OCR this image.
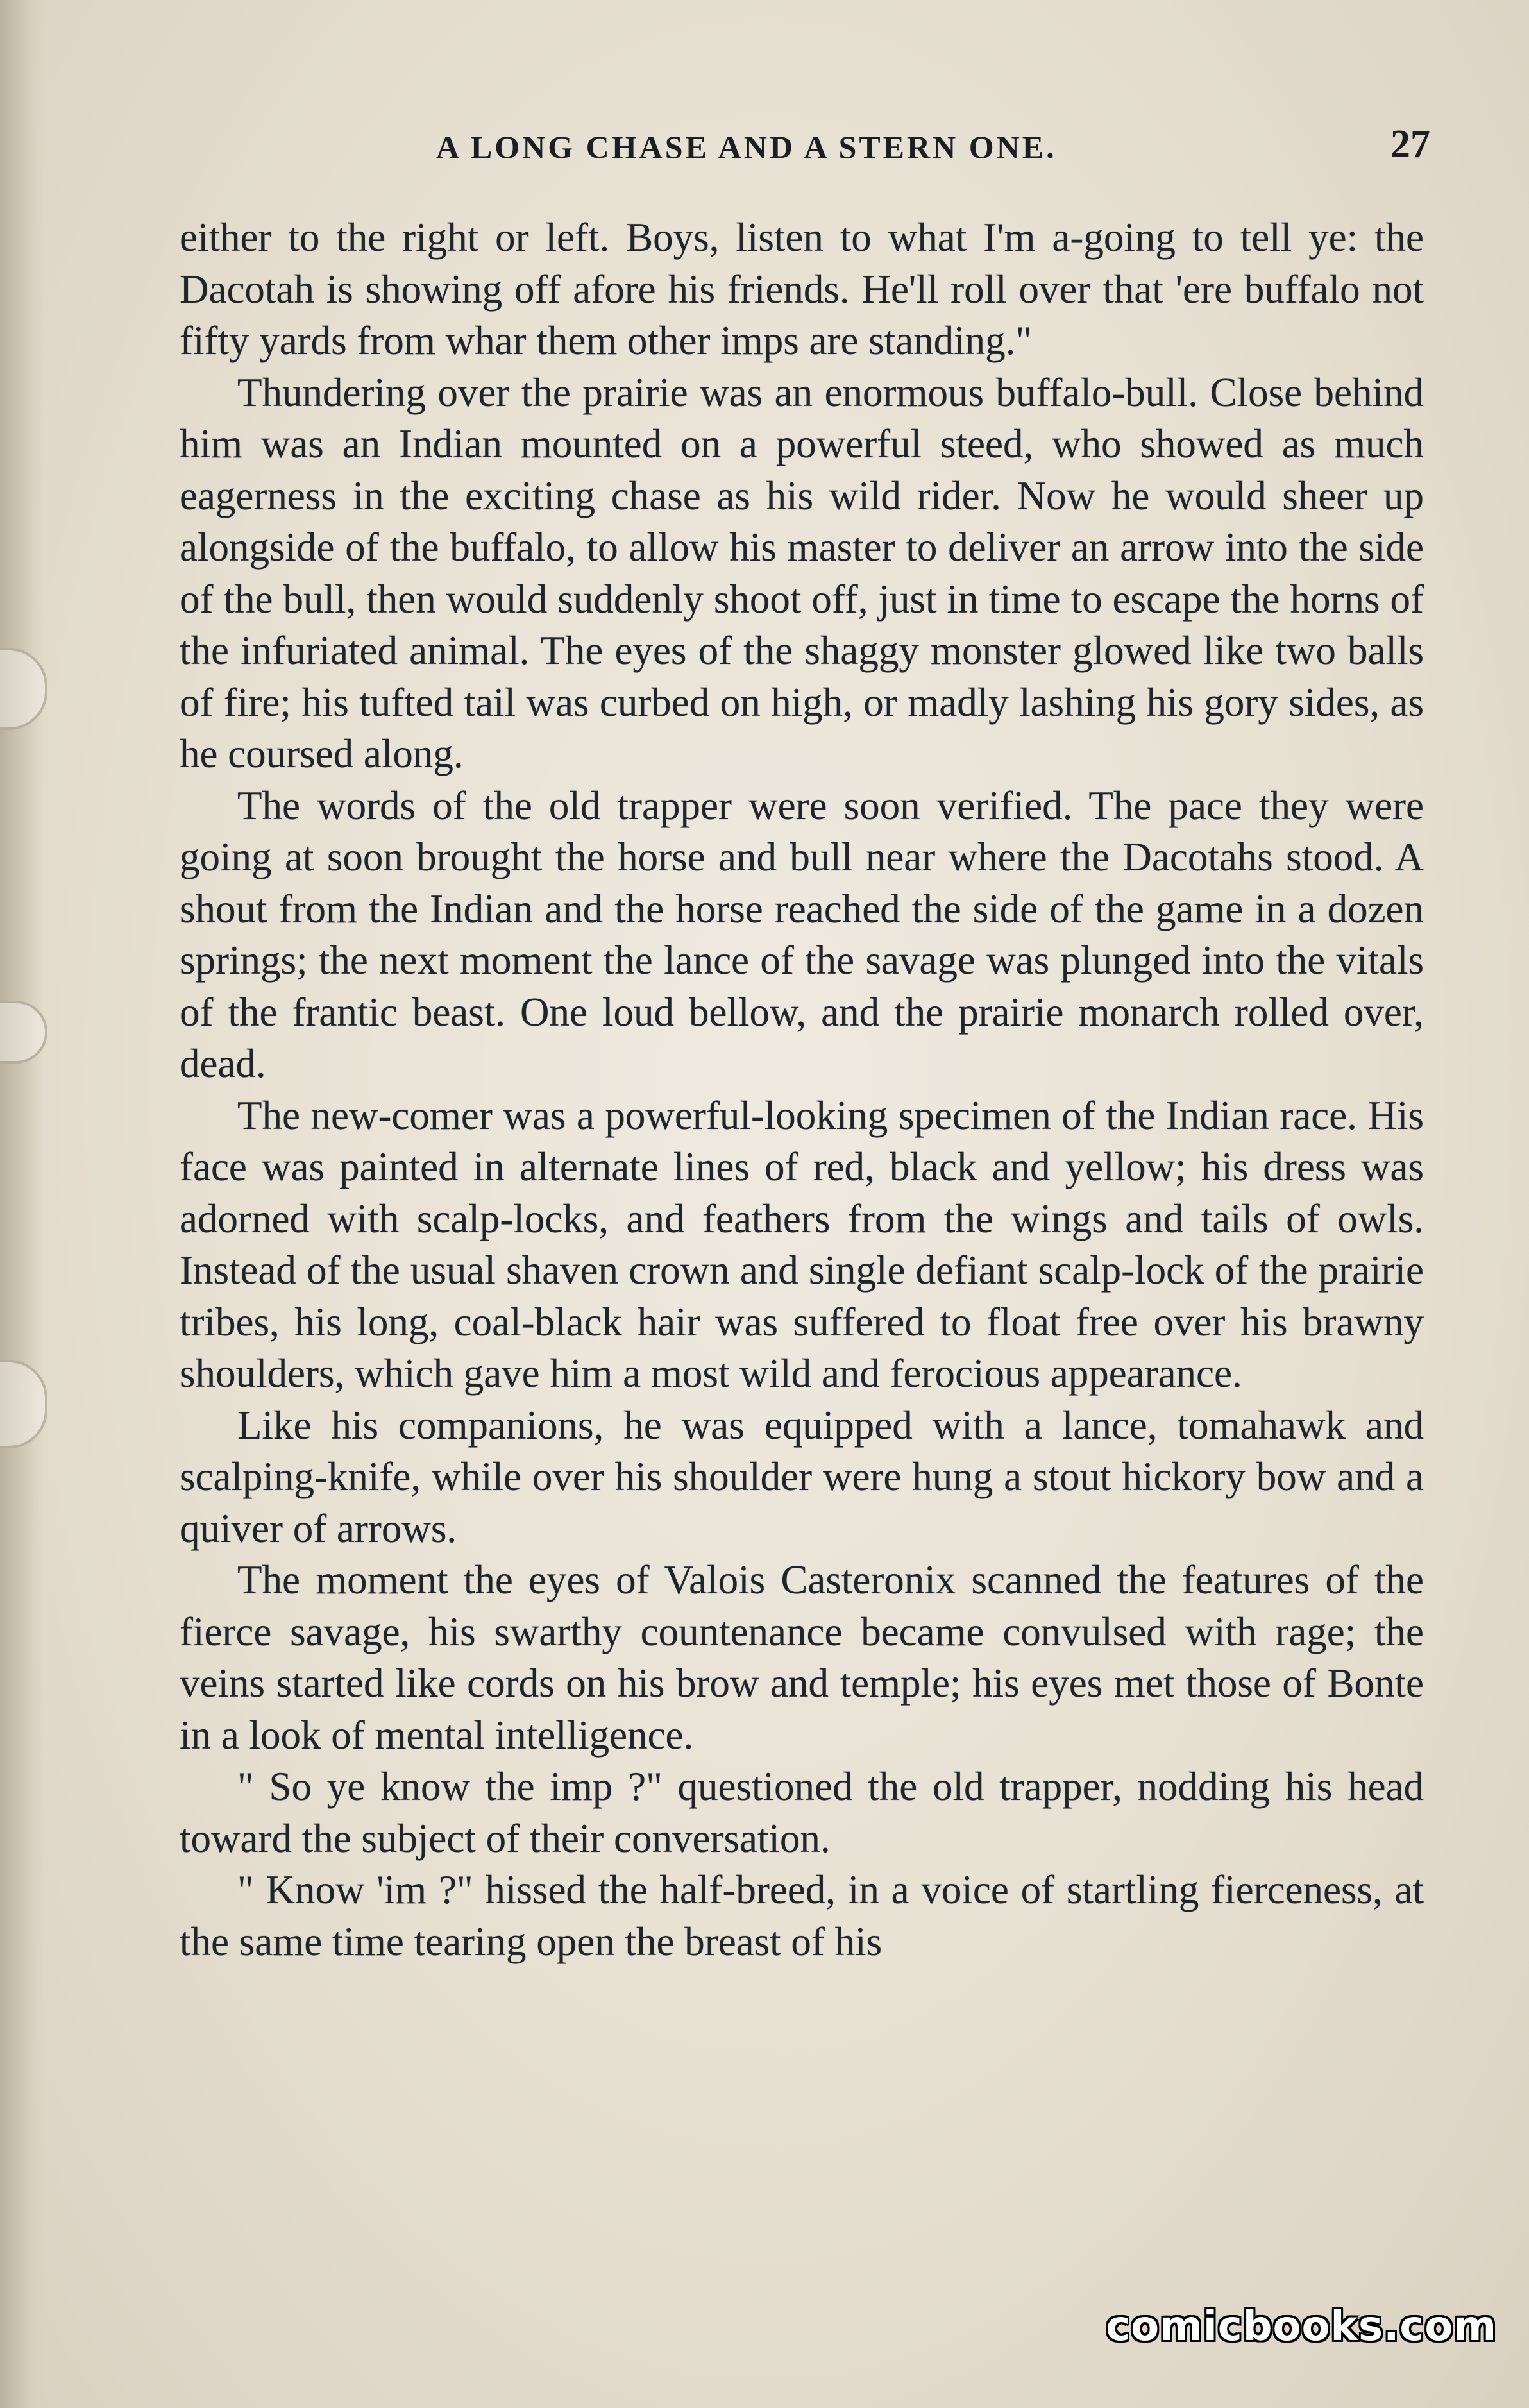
A LONG CHASE AND A STERN ONE.	27

either to the right or left. Boys, listen to what I'm a-going to tell ye: the Dacotah is showing off afore his friends. He'll roll over that 'ere buffalo not fifty yards from whar them other imps are standing."

Thundering over the prairie was an enormous buffalo-bull. Close behind him was an Indian mounted on a powerful steed, who showed as much eagerness in the exciting chase as his wild rider. Now he would sheer up alongside of the buffalo, to allow his master to deliver an arrow into the side of the bull, then would suddenly shoot off, just in time to escape the horns of the infuriated animal. The eyes of the shaggy monster glowed like two balls of fire; his tufted tail was curbed on high, or madly lashing his gory sides, as he coursed along.

The words of the old trapper were soon verified. The pace they were going at soon brought the horse and bull near where the Dacotahs stood. A shout from the Indian and the horse reached the side of the game in a dozen springs; the next moment the lance of the savage was plunged into the vitals of the frantic beast. One loud bellow, and the prairie monarch rolled over, dead.

The new-comer was a powerful-looking specimen of the Indian race. His face was painted in alternate lines of red, black and yellow; his dress was adorned with scalp-locks, and feathers from the wings and tails of owls. Instead of the usual shaven crown and single defiant scalp-lock of the prairie tribes, his long, coal-black hair was suffered to float free over his brawny shoulders, which gave him a most wild and ferocious appearance.

Like his companions, he was equipped with a lance, tomahawk and scalping-knife, while over his shoulder were hung a stout hickory bow and a quiver of arrows.

The moment the eyes of Valois Casteronix scanned the features of the fierce savage, his swarthy countenance became convulsed with rage; the veins started like cords on his brow and temple; his eyes met those of Bonte in a look of mental intelligence.

" So ye know the imp ?" questioned the old trapper, nodding his head toward the subject of their conversation.

" Know 'im ?" hissed the half-breed, in a voice of startling fierceness, at the same time tearing open the breast of his

comicbooks.com
